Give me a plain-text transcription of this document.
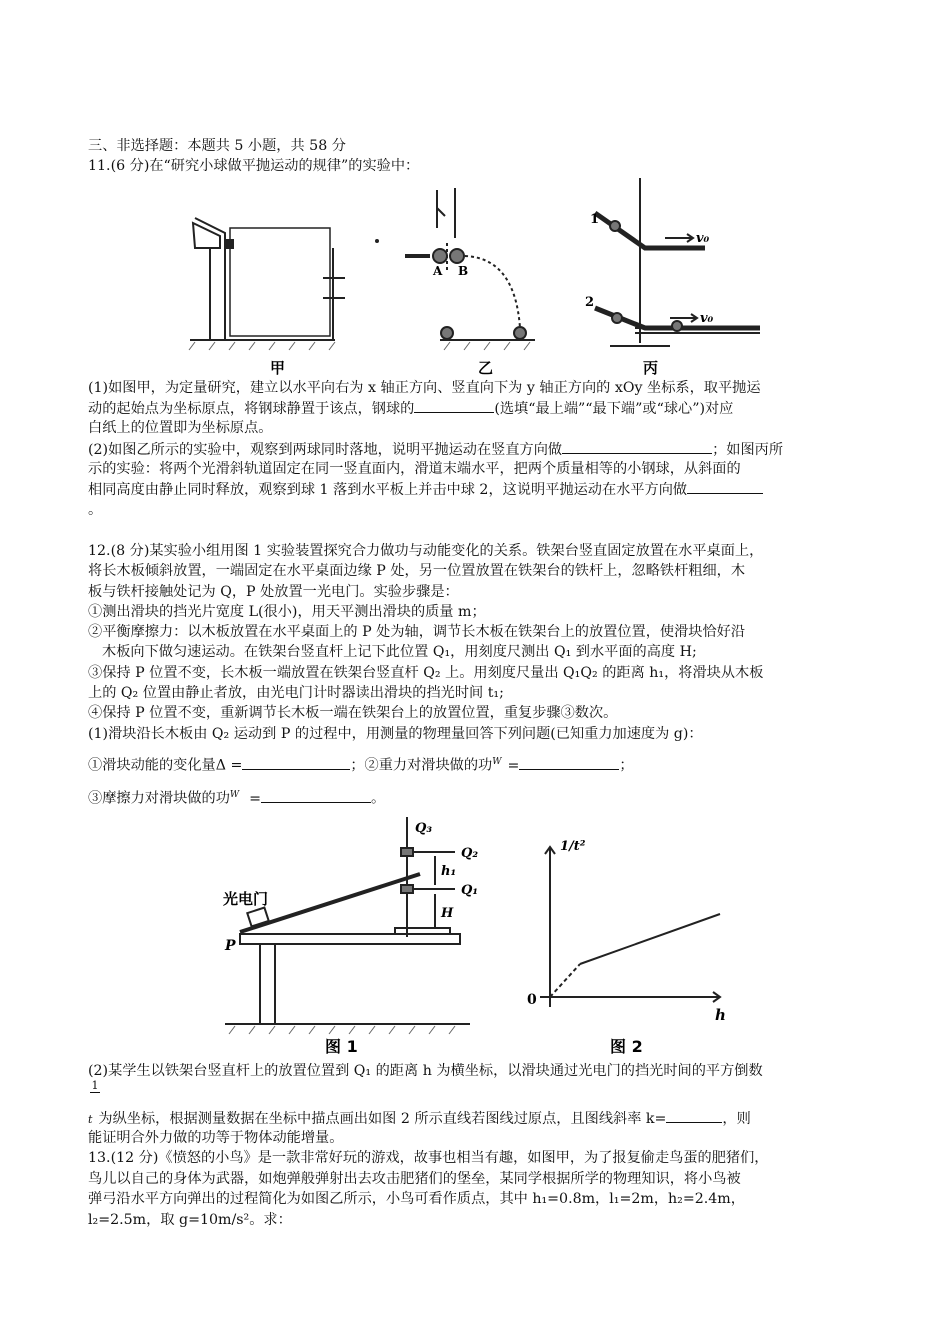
三、非选择题：本题共 5 小题，共 58 分
11.(6 分)在“研究小球做平抛运动的规律”的实验中：
甲	乙	丙
A B
1
2
v₀
v₀
(1)如图甲，为定量研究，建立以水平向右为 x 轴正方向、竖直向下为 y 轴正方向的 xOy 坐标系，取平抛运
动的起始点为坐标原点，将钢球静置于该点，钢球的	(选填“最上端”“最下端”或“球心”)对应
白纸上的位置即为坐标原点。
(2)如图乙所示的实验中，观察到两球同时落地，说明平抛运动在竖直方向做	；如图丙所
示的实验：将两个光滑斜轨道固定在同一竖直面内，滑道末端水平，把两个质量相等的小钢球，从斜面的
相同高度由静止同时释放，观察到球 1 落到水平板上并击中球 2，这说明平抛运动在水平方向做
。
12.(8 分)某实验小组用图 1 实验装置探究合力做功与动能变化的关系。铁架台竖直固定放置在水平桌面上，
将长木板倾斜放置，一端固定在水平桌面边缘 P 处，另一位置放置在铁架台的铁杆上，忽略铁杆粗细，木
板与铁杆接触处记为 Q，P 处放置一光电门。实验步骤是：
①测出滑块的挡光片宽度 L(很小)，用天平测出滑块的质量 m；
②平衡摩擦力：以木板放置在水平桌面上的 P 处为轴，调节长木板在铁架台上的放置位置，使滑块恰好沿
木板向下做匀速运动。在铁架台竖直杆上记下此位置 Q₁，用刻度尺测出 Q₁ 到水平面的高度 H;
③保持 P 位置不变，长木板一端放置在铁架台竖直杆 Q₂ 上。用刻度尺量出 Q₁Q₂ 的距离 h₁，将滑块从木板
上的 Q₂ 位置由静止者放，由光电门计时器读出滑块的挡光时间 t₁;
④保持 P 位置不变，重新调节长木板一端在铁架台上的放置位置，重复步骤③数次。
(1)滑块沿长木板由 Q₂ 运动到 P 的过程中，用测量的物理量回答下列问题(已知重力加速度为 g)：
①滑块动能的变化量Δ =	；②重力对滑块做的功$^W$ =	；
③摩擦力对滑块做的功$^W$ =	。
光电门
P
Q₃
Q₂
Q₁
h₁
H
图 1
1/t²
h
0
图 2
(2)某学生以铁架台竖直杆上的放置位置到 Q₁ 的距离 h 为横坐标，以滑块通过光电门的挡光时间的平方倒数
1
t 为纵坐标，根据测量数据在坐标中描点画出如图 2 所示直线若图线过原点，且图线斜率 k=	，则
能证明合外力做的功等于物体动能增量。
13.(12 分)《愤怒的小鸟》是一款非常好玩的游戏，故事也相当有趣，如图甲，为了报复偷走鸟蛋的肥猪们，
鸟儿以自己的身体为武器，如炮弹般弹射出去攻击肥猪们的堡垒，某同学根据所学的物理知识，将小鸟被
弹弓沿水平方向弹出的过程简化为如图乙所示，小鸟可看作质点，其中 h₁=0.8m，l₁=2m，h₂=2.4m，
l₂=2.5m，取 g=10m/s²。求：
